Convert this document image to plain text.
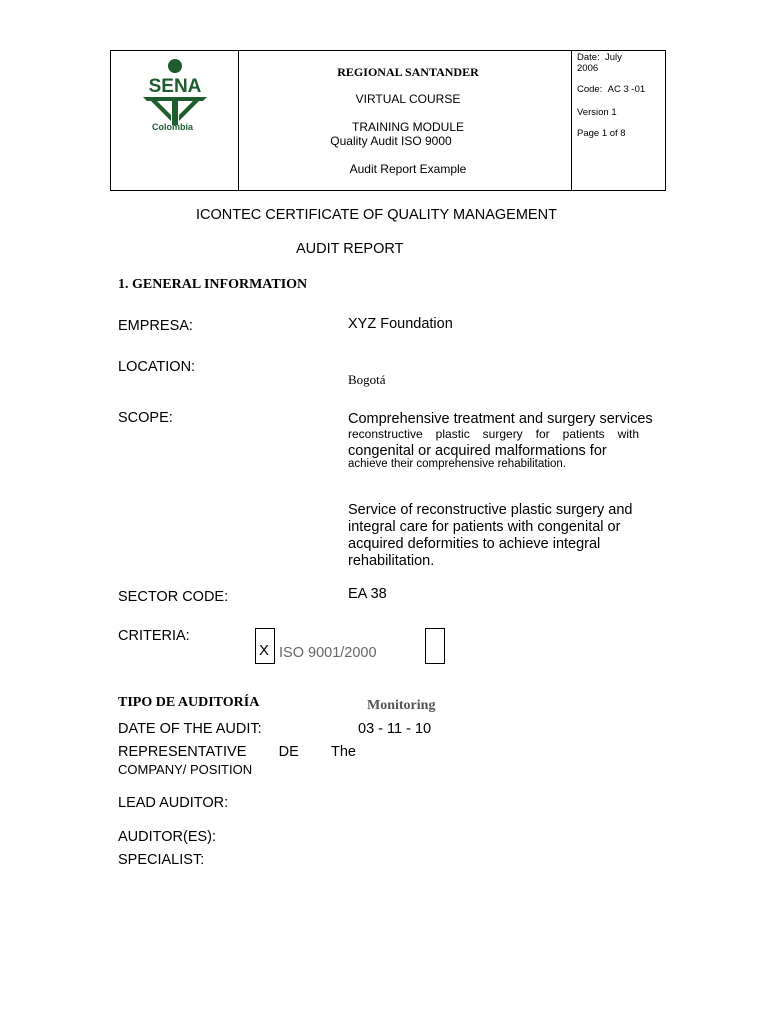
SENA
Colombia
REGIONAL SANTANDER
VIRTUAL COURSE
TRAINING MODULE
Quality Audit ISO 9000
Audit Report Example
Date: July
2006
Code: AC 3 -01
Version 1
Page 1 of 8
ICONTEC CERTIFICATE OF QUALITY MANAGEMENT
AUDIT REPORT
1. GENERAL INFORMATION
EMPRESA:	XYZ Foundation
LOCATION:
Bogotá
SCOPE:	Comprehensive treatment and surgery services
reconstructive plastic surgery for patients with
congenital or acquired malformations for
achieve their comprehensive rehabilitation.
Service of reconstructive plastic surgery and integral care for patients with congenital or acquired deformities to achieve integral rehabilitation.
SECTOR CODE:	EA 38
CRITERIA:
X ISO 9001/2000
TIPO DE AUDITORÍA	Monitoring
DATE OF THE AUDIT:	03 - 11 - 10
REPRESENTATIVE DE The
COMPANY/ POSITION
LEAD AUDITOR:
AUDITOR(ES):
SPECIALIST:
